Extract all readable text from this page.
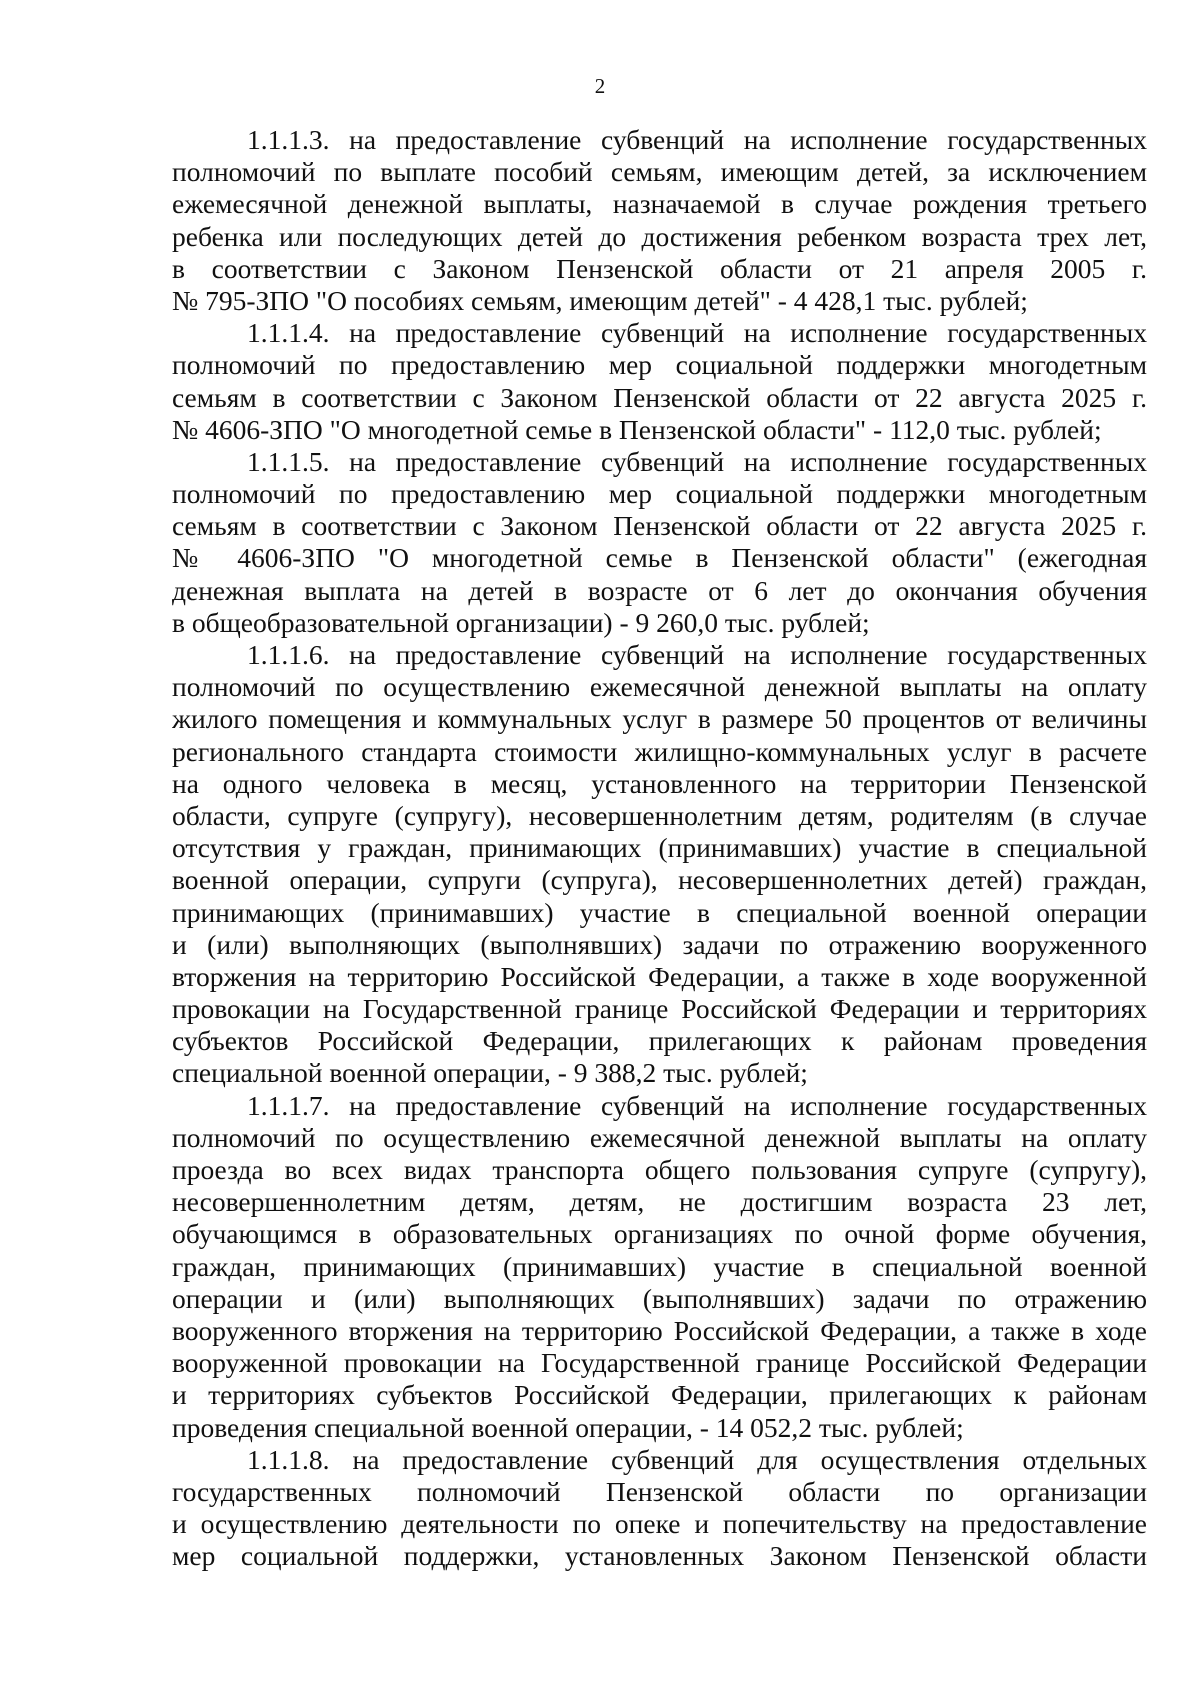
2
1.1.1.3. на предоставление субвенций на исполнение государственных
полномочий по выплате пособий семьям, имеющим детей, за исключением
ежемесячной денежной выплаты, назначаемой в случае рождения третьего
ребенка или последующих детей до достижения ребенком возраста трех лет,
в соответствии с Законом Пензенской области от 21 апреля 2005 г.
№ 795-ЗПО "О пособиях семьям, имеющим детей" - 4 428,1 тыс. рублей;
1.1.1.4. на предоставление субвенций на исполнение государственных
полномочий по предоставлению мер социальной поддержки многодетным
семьям в соответствии с Законом Пензенской области от 22 августа 2025 г.
№ 4606-ЗПО "О многодетной семье в Пензенской области" - 112,0 тыс. рублей;
1.1.1.5. на предоставление субвенций на исполнение государственных
полномочий по предоставлению мер социальной поддержки многодетным
семьям в соответствии с Законом Пензенской области от 22 августа 2025 г.
№ 4606-ЗПО "О многодетной семье в Пензенской области" (ежегодная
денежная выплата на детей в возрасте от 6 лет до окончания обучения
в общеобразовательной организации) - 9 260,0 тыс. рублей;
1.1.1.6. на предоставление субвенций на исполнение государственных
полномочий по осуществлению ежемесячной денежной выплаты на оплату
жилого помещения и коммунальных услуг в размере 50 процентов от величины
регионального стандарта стоимости жилищно-коммунальных услуг в расчете
на одного человека в месяц, установленного на территории Пензенской
области, супруге (супругу), несовершеннолетним детям, родителям (в случае
отсутствия у граждан, принимающих (принимавших) участие в специальной
военной операции, супруги (супруга), несовершеннолетних детей) граждан,
принимающих (принимавших) участие в специальной военной операции
и (или) выполняющих (выполнявших) задачи по отражению вооруженного
вторжения на территорию Российской Федерации, а также в ходе вооруженной
провокации на Государственной границе Российской Федерации и территориях
субъектов Российской Федерации, прилегающих к районам проведения
специальной военной операции, - 9 388,2 тыс. рублей;
1.1.1.7. на предоставление субвенций на исполнение государственных
полномочий по осуществлению ежемесячной денежной выплаты на оплату
проезда во всех видах транспорта общего пользования супруге (супругу),
несовершеннолетним детям, детям, не достигшим возраста 23 лет,
обучающимся в образовательных организациях по очной форме обучения,
граждан, принимающих (принимавших) участие в специальной военной
операции и (или) выполняющих (выполнявших) задачи по отражению
вооруженного вторжения на территорию Российской Федерации, а также в ходе
вооруженной провокации на Государственной границе Российской Федерации
и территориях субъектов Российской Федерации, прилегающих к районам
проведения специальной военной операции, - 14 052,2 тыс. рублей;
1.1.1.8. на предоставление субвенций для осуществления отдельных
государственных полномочий Пензенской области по организации
и осуществлению деятельности по опеке и попечительству на предоставление
мер социальной поддержки, установленных Законом Пензенской области
